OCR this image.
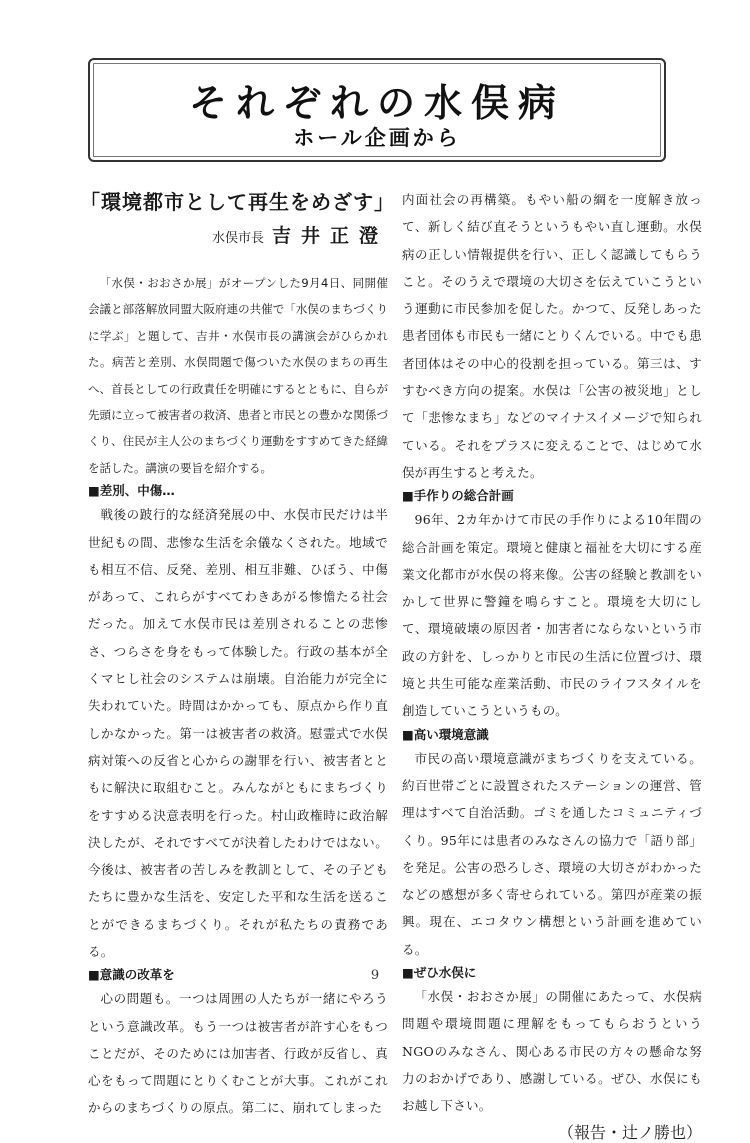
それぞれの水俣病
ホール企画から
「環境都市として再生をめざす」
水俣市長 吉井正澄

「水俣・おおさか展」がオープンした9月4日、同開催会議と部落解放同盟大阪府連の共催で「水俣のまちづくりに学ぶ」と題して、吉井・水俣市長の講演会がひらかれた。病苦と差別、水俣問題で傷ついた水俣のまちの再生へ、首長としての行政責任を明確にするとともに、自らが先頭に立って被害者の救済、患者と市民との豊かな関係づくり、住民が主人公のまちづくり運動をすすめてきた経緯を話した。講演の要旨を紹介する。

■差別、中傷…

戦後の跛行的な経済発展の中、水俣市民だけは半世紀もの間、悲惨な生活を余儀なくされた。地域でも相互不信、反発、差別、相互非難、ひぼう、中傷があって、これらがすべてわきあがる惨憺たる社会だった。加えて水俣市民は差別されることの悲惨さ、つらさを身をもって体験した。行政の基本が全くマヒし社会のシステムは崩壊。自治能力が完全に失われていた。時間はかかっても、原点から作り直しかなかった。第一は被害者の救済。慰霊式で水俣病対策への反省と心からの謝罪を行い、被害者とともに解決に取組むこと。みんながともにまちづくりをすすめる決意表明を行った。村山政権時に政治解決したが、それですべてが決着したわけではない。今後は、被害者の苦しみを教訓として、その子どもたちに豊かな生活を、安定した平和な生活を送ることができるまちづくり。それが私たちの責務である。

■意識の改革を

心の問題も。一つは周囲の人たちが一緒にやろうという意識改革。もう一つは被害者が許す心をもつことだが、そのためには加害者、行政が反省し、真心をもって問題にとりくむことが大事。これがこれからのまちづくりの原点。第二に、崩れてしまった

内面社会の再構築。もやい船の綱を一度解き放って、新しく結び直そうというもやい直し運動。水俣病の正しい情報提供を行い、正しく認識してもらうこと。そのうえで環境の大切さを伝えていこうという運動に市民参加を促した。かつて、反発しあった患者団体も市民も一緒にとりくんでいる。中でも患者団体はその中心的役割を担っている。第三は、すすむべき方向の提案。水俣は「公害の被災地」として「悲惨なまち」などのマイナスイメージで知られている。それをプラスに変えることで、はじめて水俣が再生すると考えた。

■手作りの総合計画

96年、2カ年かけて市民の手作りによる10年間の総合計画を策定。環境と健康と福祉を大切にする産業文化都市が水俣の将来像。公害の経験と教訓をいかして世界に警鐘を鳴らすこと。環境を大切にして、環境破壊の原因者・加害者にならないという市政の方針を、しっかりと市民の生活に位置づけ、環境と共生可能な産業活動、市民のライフスタイルを創造していこうというもの。

■高い環境意識

市民の高い環境意識がまちづくりを支えている。約百世帯ごとに設置されたステーションの運営、管理はすべて自治活動。ゴミを通したコミュニティづくり。95年には患者のみなさんの協力で「語り部」を発足。公害の恐ろしさ、環境の大切さがわかったなどの感想が多く寄せられている。第四が産業の振興。現在、エコタウン構想という計画を進めている。

■ぜひ水俣に

「水俣・おおさか展」の開催にあたって、水俣病問題や環境問題に理解をもってもらおうというNGOのみなさん、関心ある市民の方々の懸命な努力のおかげであり、感謝している。ぜひ、水俣にもお越し下さい。

（報告・辻ノ勝也）
9
